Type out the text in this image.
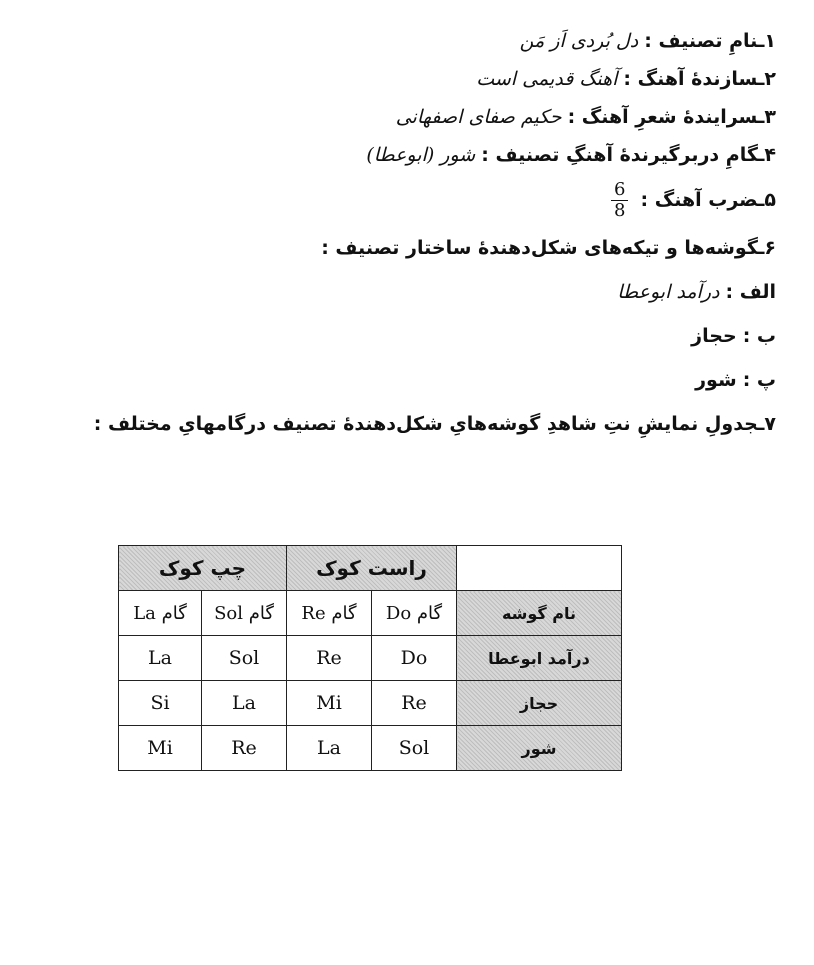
۱ـنامِ تصنیف : دل بُردی اَز مَن
۲ـسازندهٔ آهنگ : آهنگ قدیمی است
۳ـسرایندهٔ شعرِ آهنگ : حکیم صفای اصفهانی
۴ـگامِ دربرگیرندهٔ آهنگِ تصنیف : شور (ابوعطا)
۵ـضرب آهنگ :
$\frac{6}{8}$
۶ـگوشه‌ها و تیکه‌های شکل‌دهندهٔ ساختار تصنیف :
الف : درآمد ابوعطا
ب : حجاز
پ : شور
۷ـجدولِ نمایشِ نتِ شاهدِ گوشه‌هایِ شکل‌دهندهٔ تصنیف درگامهایِ مختلف :
	راست کوک		چپ کوک	
نام گوشه	گام Do	گام Re	گام Sol	گام La
درآمد ابوعطا	Do	Re	Sol	La
حجاز	Re	Mi	La	Si
شور	Sol	La	Re	Mi
